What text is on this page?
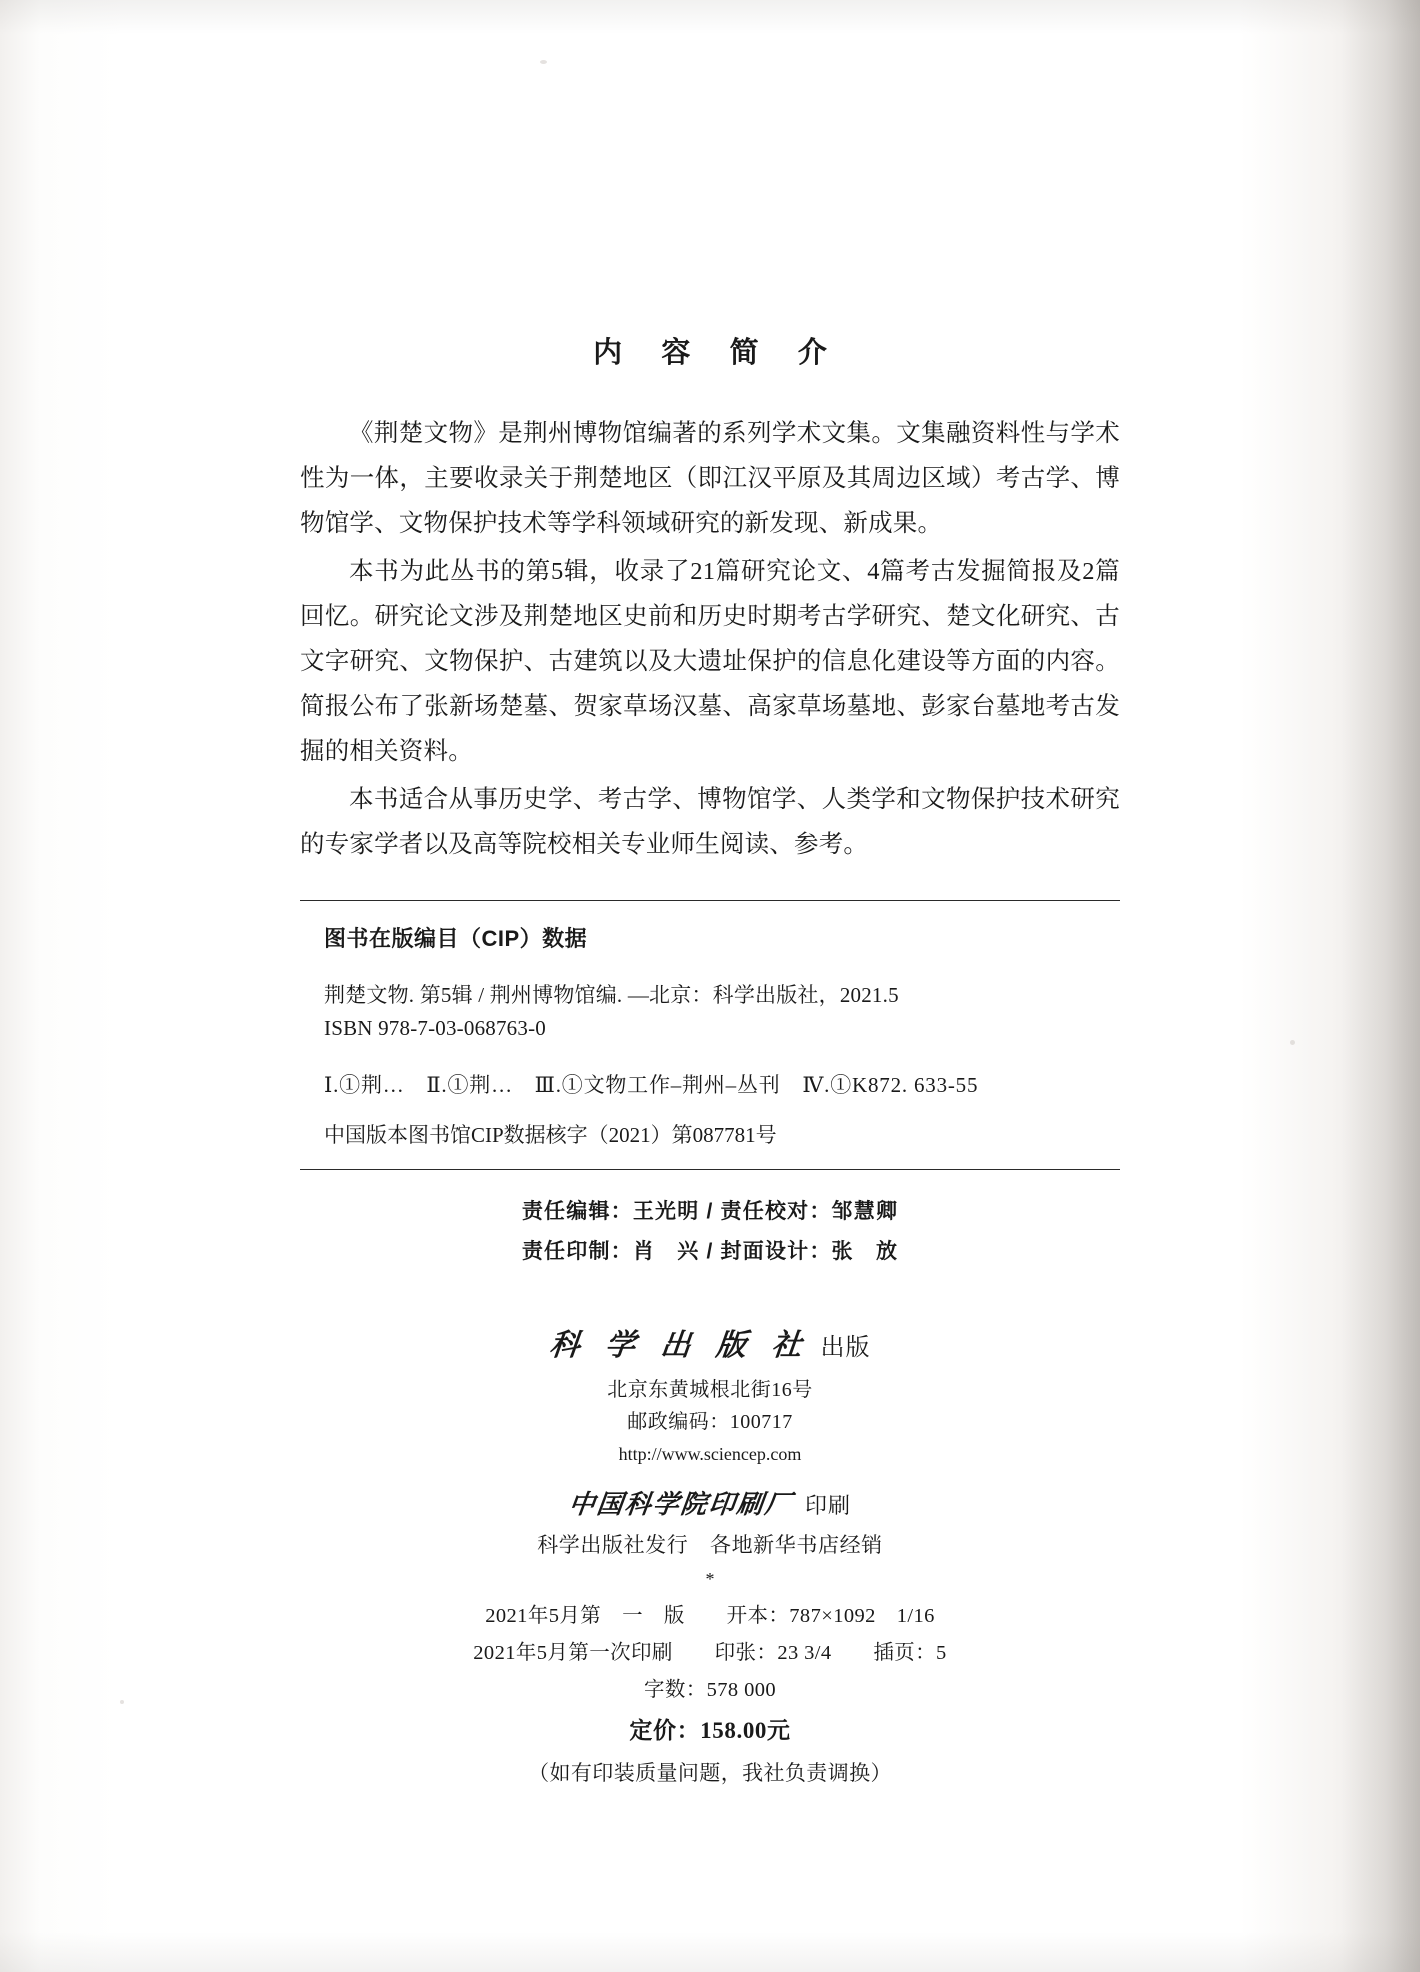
内 容 简 介

《荆楚文物》是荆州博物馆编著的系列学术文集。文集融资料性与学术性为一体，主要收录关于荆楚地区（即江汉平原及其周边区域）考古学、博物馆学、文物保护技术等学科领域研究的新发现、新成果。

本书为此丛书的第5辑，收录了21篇研究论文、4篇考古发掘简报及2篇回忆。研究论文涉及荆楚地区史前和历史时期考古学研究、楚文化研究、古文字研究、文物保护、古建筑以及大遗址保护的信息化建设等方面的内容。简报公布了张新场楚墓、贺家草场汉墓、高家草场墓地、彭家台墓地考古发掘的相关资料。

本书适合从事历史学、考古学、博物馆学、人类学和文物保护技术研究的专家学者以及高等院校相关专业师生阅读、参考。

图书在版编目（CIP）数据
荆楚文物. 第5辑 / 荆州博物馆编. —北京：科学出版社，2021.5
ISBN 978-7-03-068763-0
Ⅰ.①荆…　Ⅱ.①荆…　Ⅲ.①文物工作–荆州–丛刊　Ⅳ.①K872. 633-55
中国版本图书馆CIP数据核字（2021）第087781号
责任编辑：王光明 / 责任校对：邹慧卿
责任印制：肖　兴 / 封面设计：张　放
科 学 出 版 社 出版
北京东黄城根北街16号
邮政编码：100717
http://www.sciencep.com
中国科学院印刷厂 印刷
科学出版社发行　各地新华书店经销
*
2021年5月第　一　版　　开本：787×1092　1/16
2021年5月第一次印刷　　印张：23 3/4　　插页：5
字数：578 000
定价：158.00元
（如有印装质量问题，我社负责调换）
